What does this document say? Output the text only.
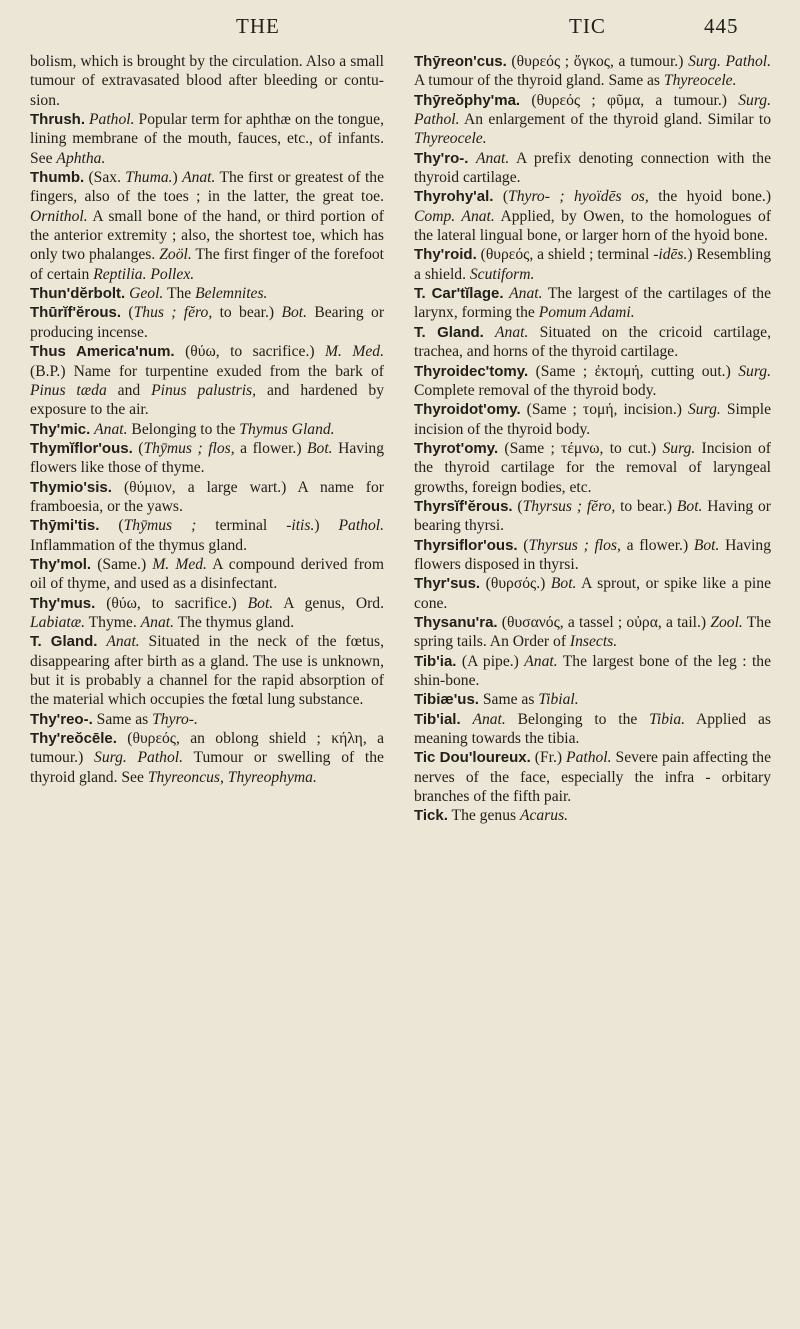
THE	TIC	445

bolism, which is brought by the circulation. Also a small tumour of extravasated blood after bleeding or contusion.

Thrush. Pathol. Popular term for aphthæ on the tongue, lining membrane of the mouth, fauces, etc., of infants. See Aphtha.

Thumb. (Sax. Thuma.) Anat. The first or greatest of the fingers, also of the toes ; in the latter, the great toe. Ornithol. A small bone of the hand, or third portion of the anterior extremity ; also, the shortest toe, which has only two phalanges. Zoöl. The first finger of the forefoot of certain Reptilia. Pollex.

Thun'dĕrbolt. Geol. The Belemnites.

Thūrĭf'ĕrous. (Thus ; fĕro, to bear.) Bot. Bearing or producing incense.

Thus America'num. (θύω, to sacrifice.) M. Med. (B.P.) Name for turpentine exuded from the bark of Pinus tæda and Pinus palustris, and hardened by exposure to the air.

Thy'mic. Anat. Belonging to the Thymus Gland.

Thymĭflor'ous. (Thȳmus ; flos, a flower.) Bot. Having flowers like those of thyme.

Thymio'sis. (θύμιον, a large wart.) A name for framboesia, or the yaws.

Thȳmi'tis. (Thȳmus ; terminal -itis.) Pathol. Inflammation of the thymus gland.

Thy'mol. (Same.) M. Med. A compound derived from oil of thyme, and used as a disinfectant.

Thy'mus. (θύω, to sacrifice.) Bot. A genus, Ord. Labiatæ. Thyme. Anat. The thymus gland.

T. Gland. Anat. Situated in the neck of the fœtus, disappearing after birth as a gland. The use is unknown, but it is probably a channel for the rapid absorption of the material which occupies the fœtal lung substance.

Thy'reo-. Same as Thyro-.

Thy'reŏcēle. (θυρεός, an oblong shield ; κήλη, a tumour.) Surg. Pathol. Tumour or swelling of the thyroid gland. See Thyreoncus, Thyreophyma.

Thȳreon'cus. (θυρεός ; ὄγκος, a tumour.) Surg. Pathol. A tumour of the thyroid gland. Same as Thyreocele.

Thȳreŏphy'ma. (θυρεός ; φῦμα, a tumour.) Surg. Pathol. An enlargement of the thyroid gland. Similar to Thyreocele.

Thy'ro-. Anat. A prefix denoting connection with the thyroid cartilage.

Thyrohy'al. (Thyro- ; hyoïdēs os, the hyoid bone.) Comp. Anat. Applied, by Owen, to the homologues of the lateral lingual bone, or larger horn of the hyoid bone.

Thy'roid. (θυρεός, a shield ; terminal -idēs.) Resembling a shield. Scutiform.

T. Car'tĭlage. Anat. The largest of the cartilages of the larynx, forming the Pomum Adami.

T. Gland. Anat. Situated on the cricoid cartilage, trachea, and horns of the thyroid cartilage.

Thyroidec'tomy. (Same ; ἐκτομή, cutting out.) Surg. Complete removal of the thyroid body.

Thyroidot'omy. (Same ; τομή, incision.) Surg. Simple incision of the thyroid body.

Thyrot'omy. (Same ; τέμνω, to cut.) Surg. Incision of the thyroid cartilage for the removal of laryngeal growths, foreign bodies, etc.

Thyrsĭf'ĕrous. (Thyrsus ; fĕro, to bear.) Bot. Having or bearing thyrsi.

Thyrsiflor'ous. (Thyrsus ; flos, a flower.) Bot. Having flowers disposed in thyrsi.

Thyr'sus. (θυρσός.) Bot. A sprout, or spike like a pine cone.

Thysanu'ra. (θυσανός, a tassel ; οὐρα, a tail.) Zool. The spring tails. An Order of Insects.

Tib'ia. (A pipe.) Anat. The largest bone of the leg : the shin-bone.

Tibiæ'us. Same as Tibial.

Tib'ial. Anat. Belonging to the Tibia. Applied as meaning towards the tibia.

Tic Dou'loureux. (Fr.) Pathol. Severe pain affecting the nerves of the face, especially the infra - orbitary branches of the fifth pair.

Tick. The genus Acarus.
